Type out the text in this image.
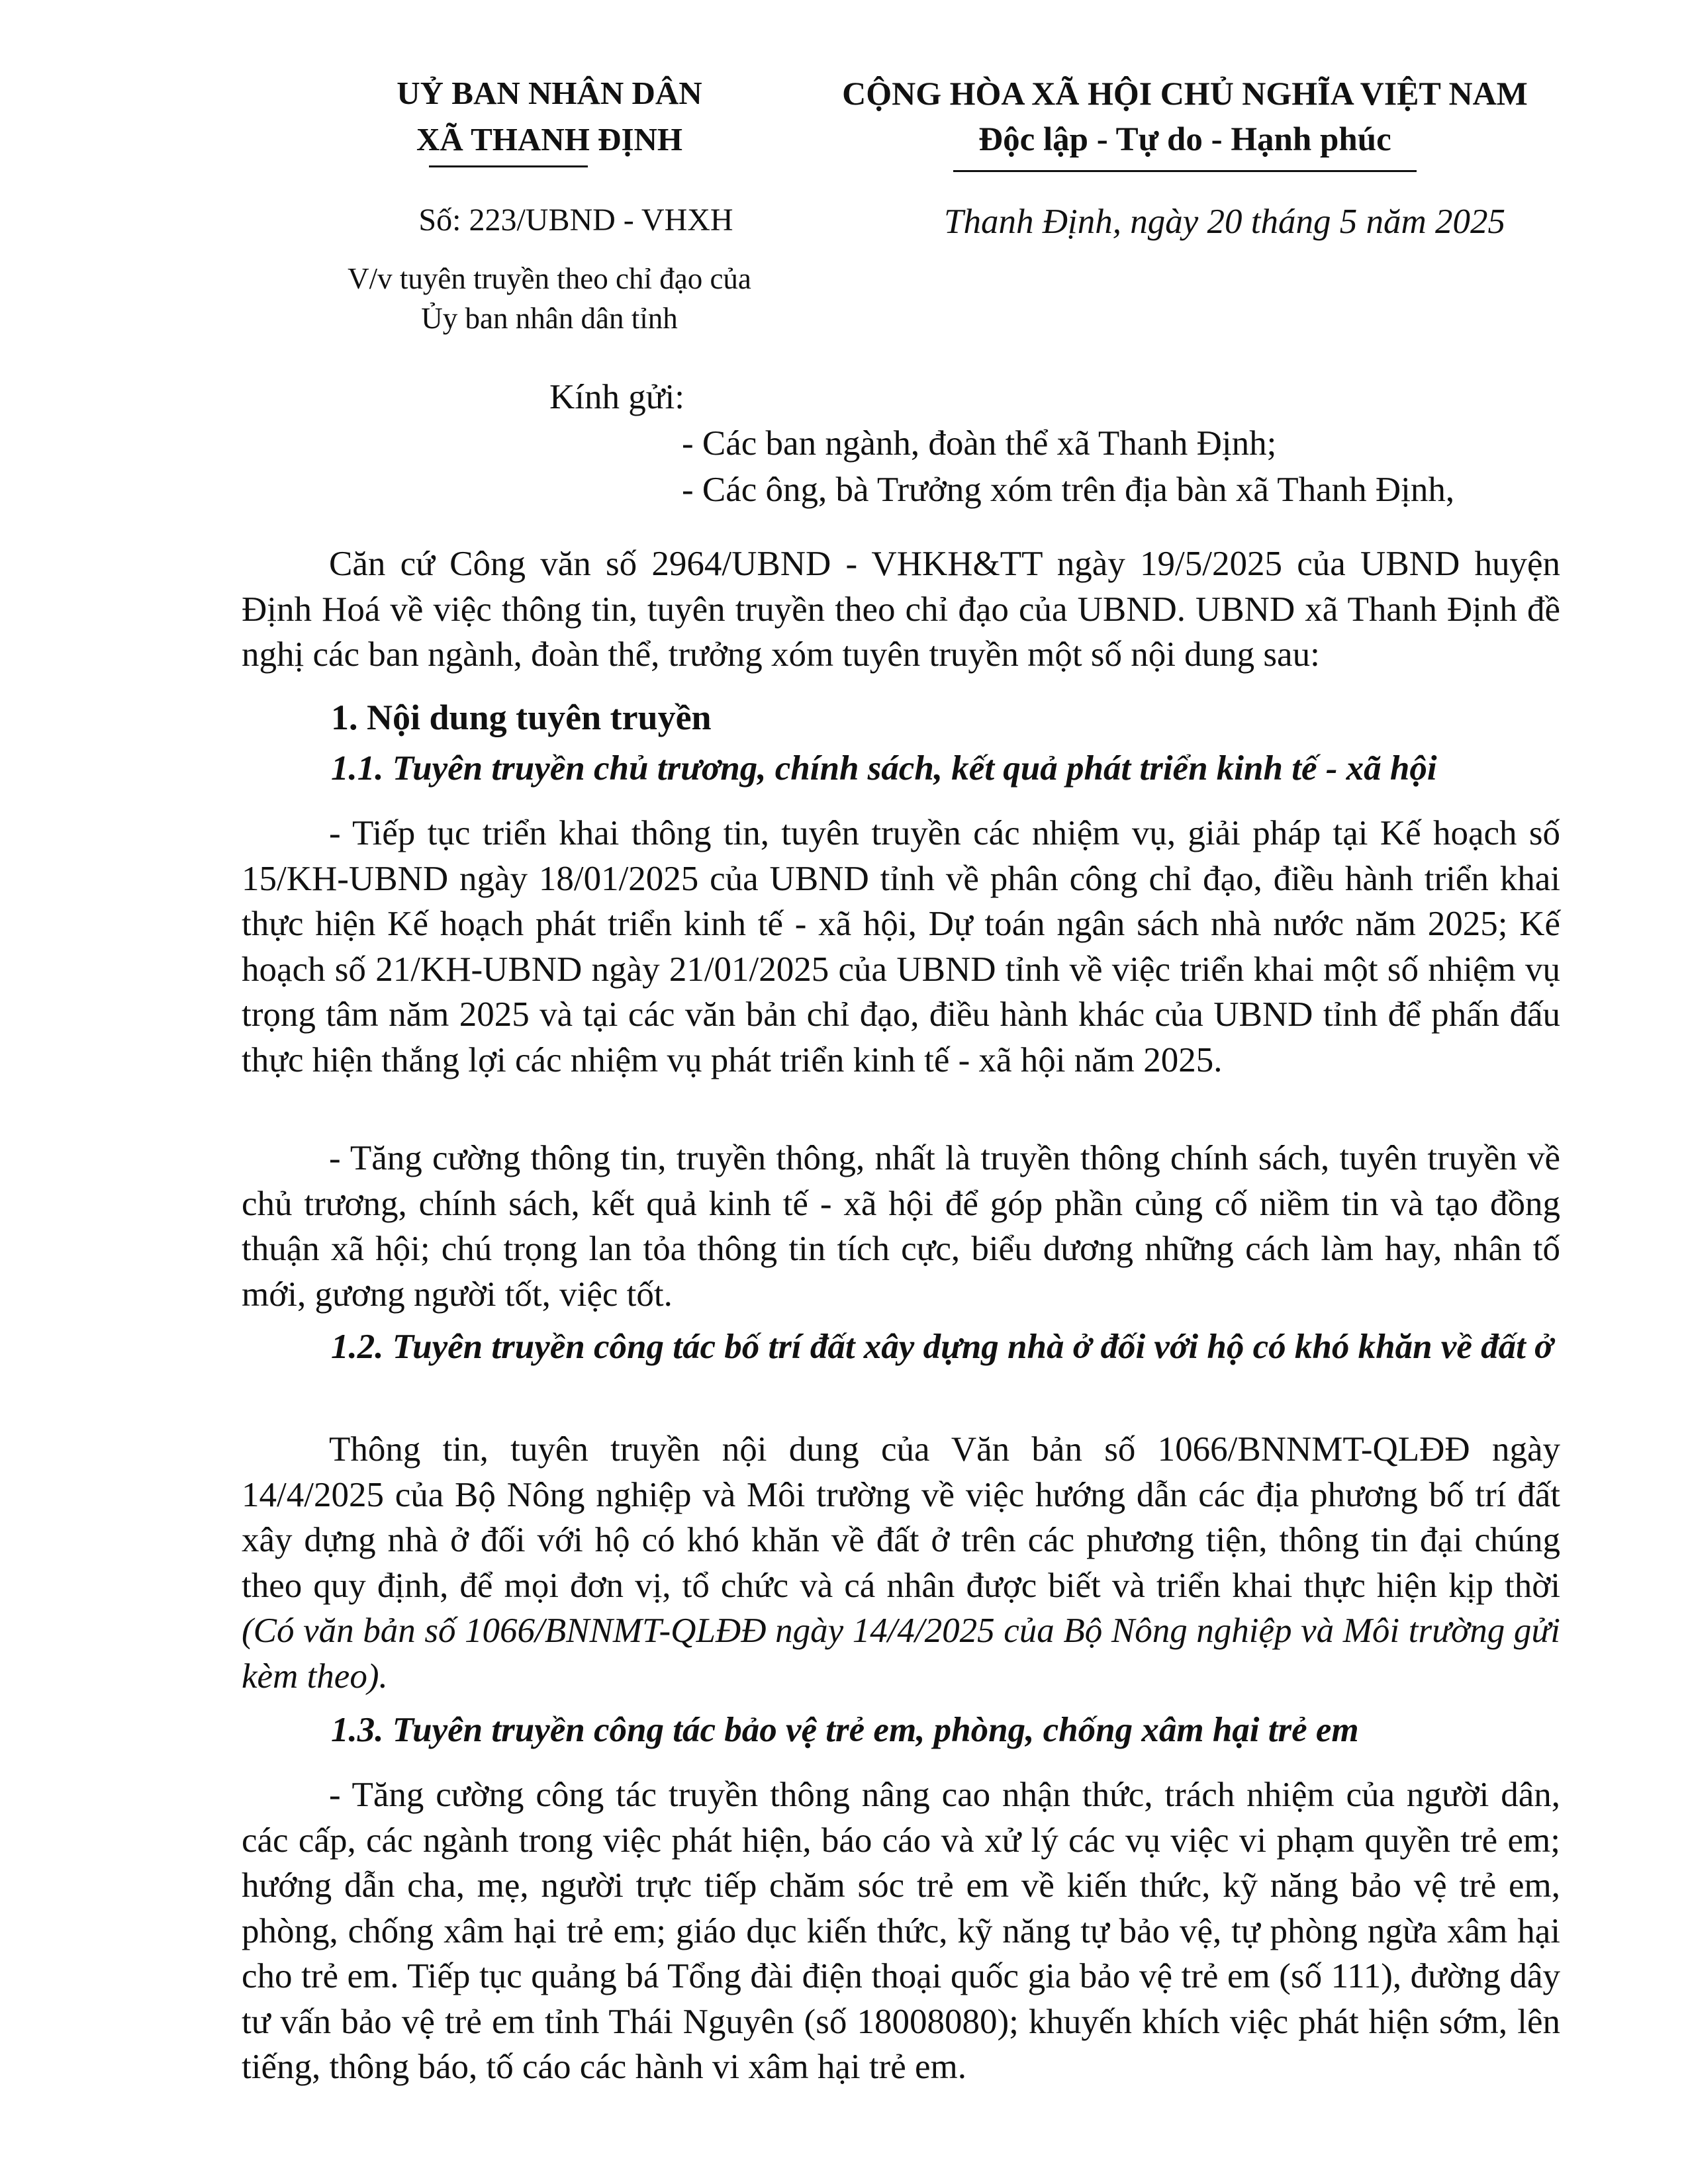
UỶ BAN NHÂN DÂN
XÃ THANH ĐỊNH
CỘNG HÒA XÃ HỘI CHỦ NGHĨA VIỆT NAM
Độc lập - Tự do - Hạnh phúc
Số: 223/UBND - VHXH	Thanh Định, ngày 20 tháng 5 năm 2025
V/v tuyên truyền theo chỉ đạo của
Ủy ban nhân dân tỉnh
Kính gửi:
- Các ban ngành, đoàn thể xã Thanh Định;
- Các ông, bà Trưởng xóm trên địa bàn xã Thanh Định,

Căn cứ Công văn số 2964/UBND - VHKH&TT ngày 19/5/2025 của UBND huyện Định Hoá về việc thông tin, tuyên truyền theo chỉ đạo của UBND. UBND xã Thanh Định đề nghị các ban ngành, đoàn thể, trưởng xóm tuyên truyền một số nội dung sau:

1. Nội dung tuyên truyền

1.1. Tuyên truyền chủ trương, chính sách, kết quả phát triển kinh tế - xã hội

- Tiếp tục triển khai thông tin, tuyên truyền các nhiệm vụ, giải pháp tại Kế hoạch số 15/KH-UBND ngày 18/01/2025 của UBND tỉnh về phân công chỉ đạo, điều hành triển khai thực hiện Kế hoạch phát triển kinh tế - xã hội, Dự toán ngân sách nhà nước năm 2025; Kế hoạch số 21/KH-UBND ngày 21/01/2025 của UBND tỉnh về việc triển khai một số nhiệm vụ trọng tâm năm 2025 và tại các văn bản chỉ đạo, điều hành khác của UBND tỉnh để phấn đấu thực hiện thắng lợi các nhiệm vụ phát triển kinh tế - xã hội năm 2025.

- Tăng cường thông tin, truyền thông, nhất là truyền thông chính sách, tuyên truyền về chủ trương, chính sách, kết quả kinh tế - xã hội để góp phần củng cố niềm tin và tạo đồng thuận xã hội; chú trọng lan tỏa thông tin tích cực, biểu dương những cách làm hay, nhân tố mới, gương người tốt, việc tốt.

1.2. Tuyên truyền công tác bố trí đất xây dựng nhà ở đối với hộ có khó khăn về đất ở

Thông tin, tuyên truyền nội dung của Văn bản số 1066/BNNMT-QLĐĐ ngày 14/4/2025 của Bộ Nông nghiệp và Môi trường về việc hướng dẫn các địa phương bố trí đất xây dựng nhà ở đối với hộ có khó khăn về đất ở trên các phương tiện, thông tin đại chúng theo quy định, để mọi đơn vị, tổ chức và cá nhân được biết và triển khai thực hiện kịp thời (Có văn bản số 1066/BNNMT-QLĐĐ ngày 14/4/2025 của Bộ Nông nghiệp và Môi trường gửi kèm theo).

1.3. Tuyên truyền công tác bảo vệ trẻ em, phòng, chống xâm hại trẻ em

- Tăng cường công tác truyền thông nâng cao nhận thức, trách nhiệm của người dân, các cấp, các ngành trong việc phát hiện, báo cáo và xử lý các vụ việc vi phạm quyền trẻ em; hướng dẫn cha, mẹ, người trực tiếp chăm sóc trẻ em về kiến thức, kỹ năng bảo vệ trẻ em, phòng, chống xâm hại trẻ em; giáo dục kiến thức, kỹ năng tự bảo vệ, tự phòng ngừa xâm hại cho trẻ em. Tiếp tục quảng bá Tổng đài điện thoại quốc gia bảo vệ trẻ em (số 111), đường dây tư vấn bảo vệ trẻ em tỉnh Thái Nguyên (số 18008080); khuyến khích việc phát hiện sớm, lên tiếng, thông báo, tố cáo các hành vi xâm hại trẻ em.
